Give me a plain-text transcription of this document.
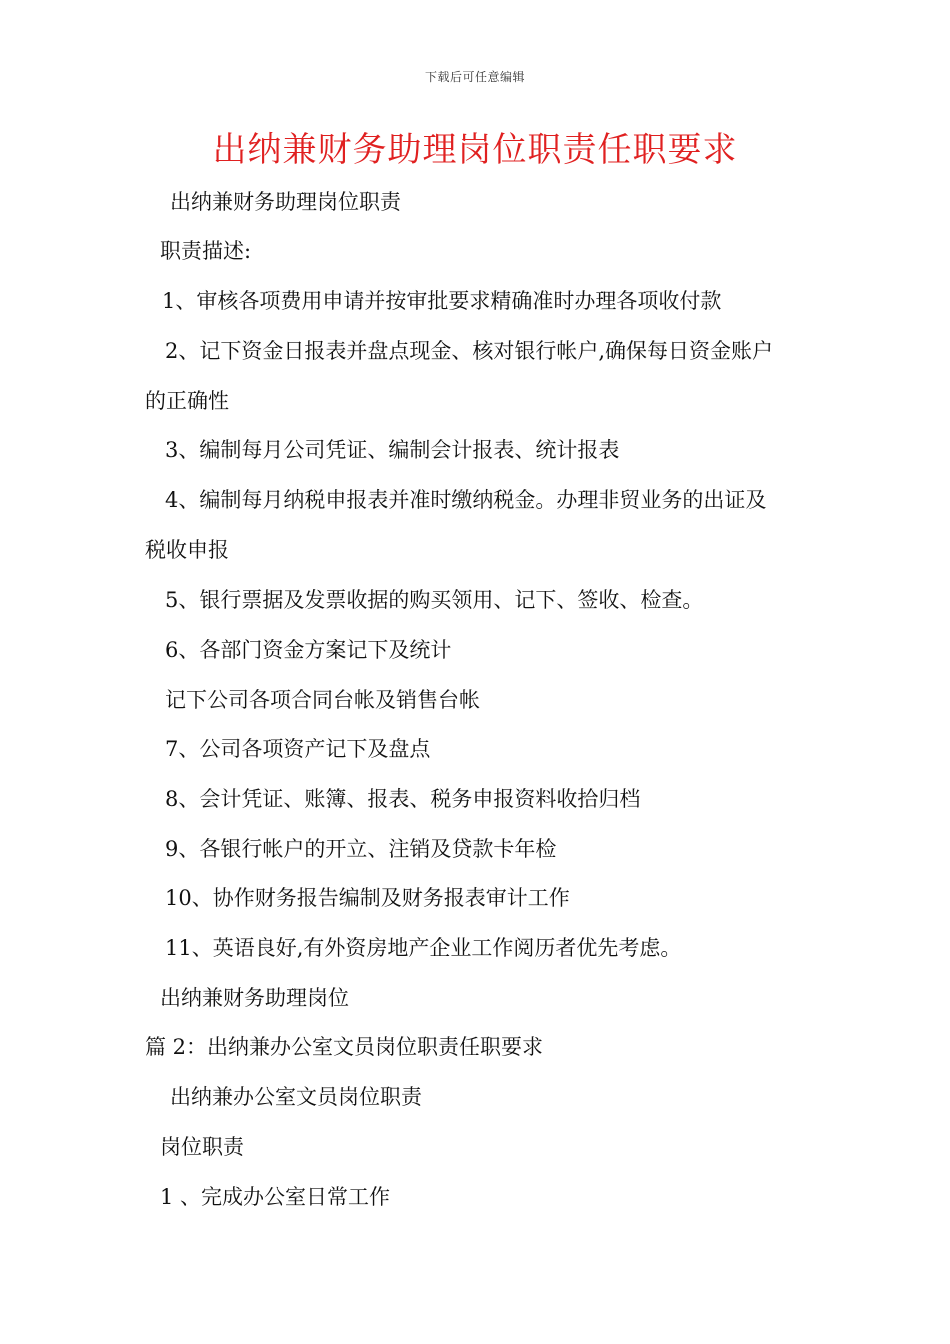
下载后可任意编辑
出纳兼财务助理岗位职责任职要求
出纳兼财务助理岗位职责
职责描述:
1、审核各项费用申请并按审批要求精确准时办理各项收付款
2、记下资金日报表并盘点现金、核对银行帐户,确保每日资金账户
的正确性
3、编制每月公司凭证、编制会计报表、统计报表
4、编制每月纳税申报表并准时缴纳税金。办理非贸业务的出证及
税收申报
5、银行票据及发票收据的购买领用、记下、签收、检查。
6、各部门资金方案记下及统计
记下公司各项合同台帐及销售台帐
7、公司各项资产记下及盘点
8、会计凭证、账簿、报表、税务申报资料收拾归档
9、各银行帐户的开立、注销及贷款卡年检
10、协作财务报告编制及财务报表审计工作
11、英语良好,有外资房地产企业工作阅历者优先考虑。
出纳兼财务助理岗位
篇 2：出纳兼办公室文员岗位职责任职要求
出纳兼办公室文员岗位职责
岗位职责
1 、完成办公室日常工作
